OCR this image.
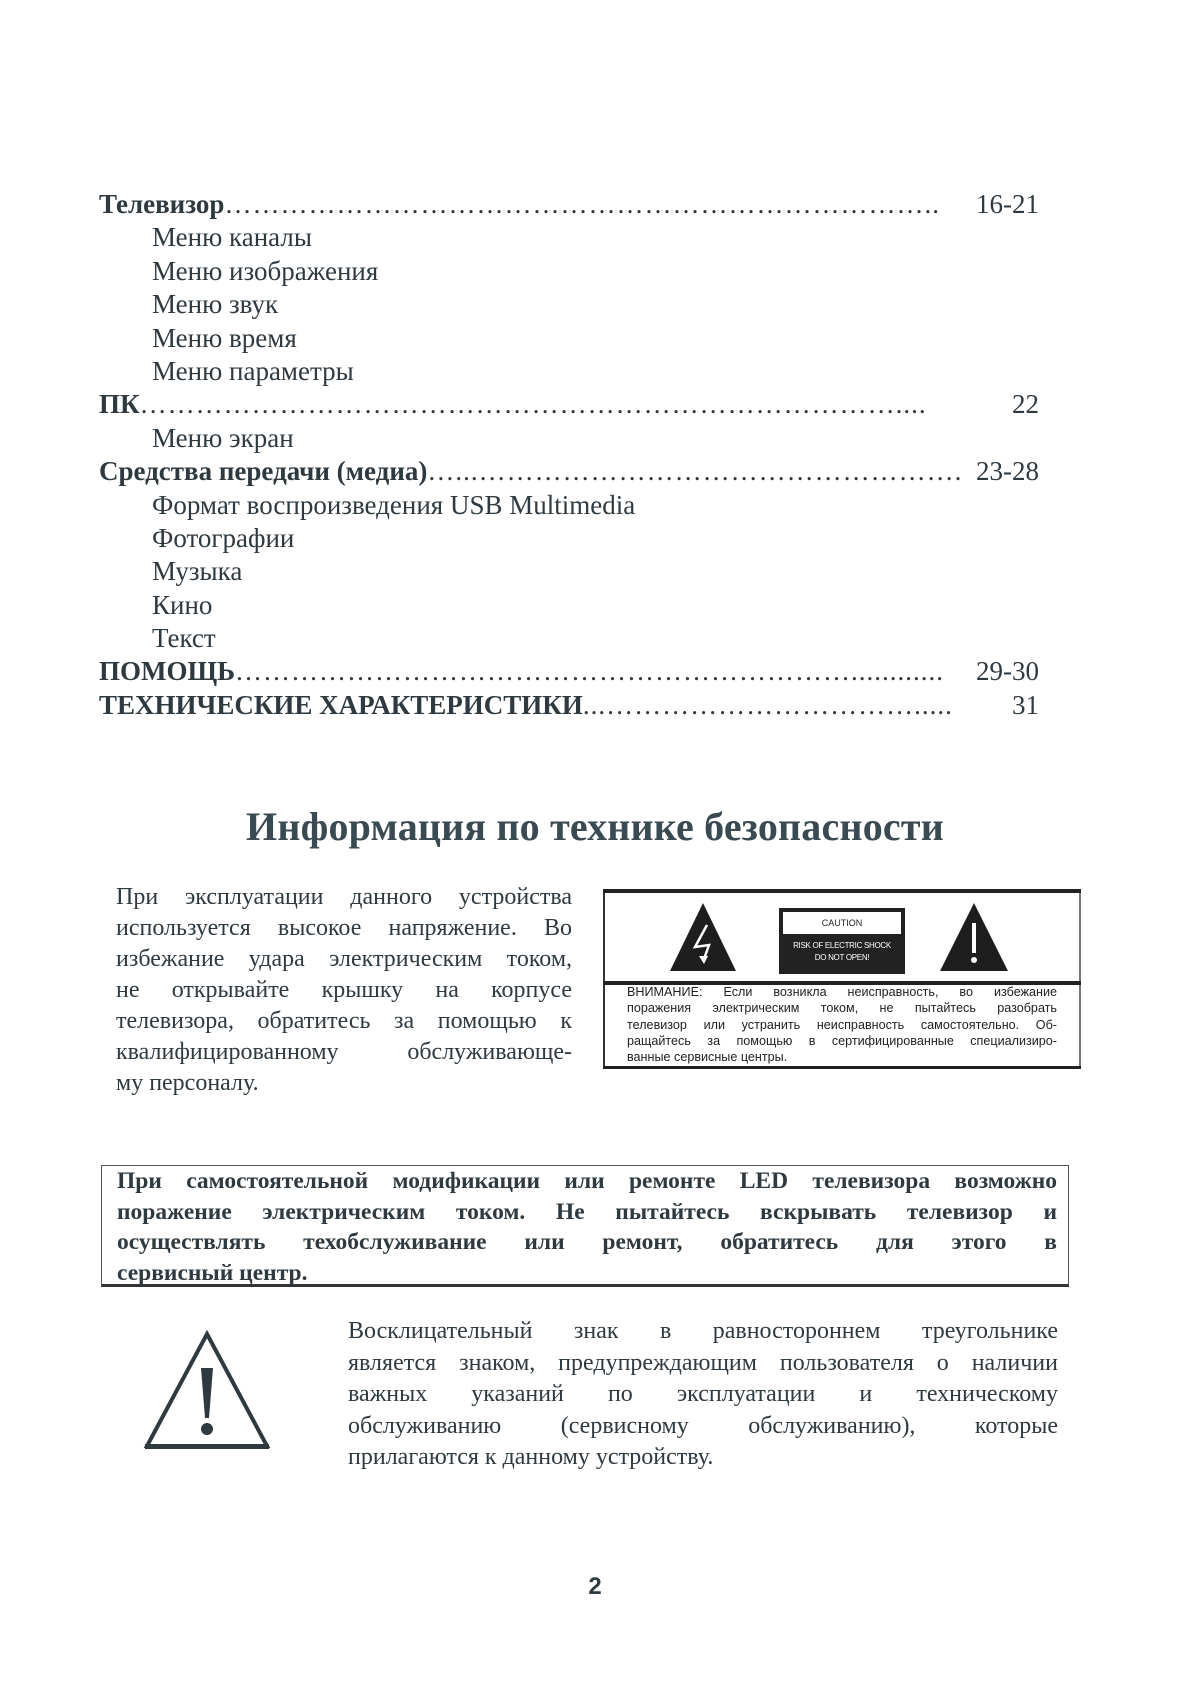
Телевизор …………………………………………………………………..	16-21
Меню каналы
Меню изображения
Меню звук
Меню время
Меню параметры
ПК ………………………………………………………………………....	22
Меню экран
Средства передачи (медиа) …...……………………………………………. 23-28
Формат воспроизведения USB Multimedia
Фотографии
Музыка
Кино
Текст
ПОМОЩЬ …………………………………………………………............	29-30
ТЕХНИЧЕСКИЕ ХАРАКТЕРИСТИКИ ...…………………………….....	31
Информация по технике безопасности
При эксплуатации данного устройства
используется высокое напряжение. Во
избежание удара электрическим током,
не открывайте крышку на корпусе
телевизора, обратитесь за помощью к
квалифицированному обслуживающе-
му персоналу.
CAUTION
RISK OF ELECTRIC SHOCK
DO NOT OPEN!
ВНИМАНИЕ: Если возникла неисправность, во избежание
поражения электрическим током, не пытайтесь разобрать
телевизор или устранить неисправность самостоятельно. Об-
ращайтесь за помощью в сертифицированные специализиро-
ванные сервисные центры.
При самостоятельной модификации или ремонте LED телевизора возможно
поражение электрическим током. Не пытайтесь вскрывать телевизор и
осуществлять техобслуживание или ремонт, обратитесь для этого в
сервисный центр.
Восклицательный знак в равностороннем треугольнике
является знаком, предупреждающим пользователя о наличии
важных указаний по эксплуатации и техническому
обслуживанию (сервисному обслуживанию), которые
прилагаются к данному устройству.
2
